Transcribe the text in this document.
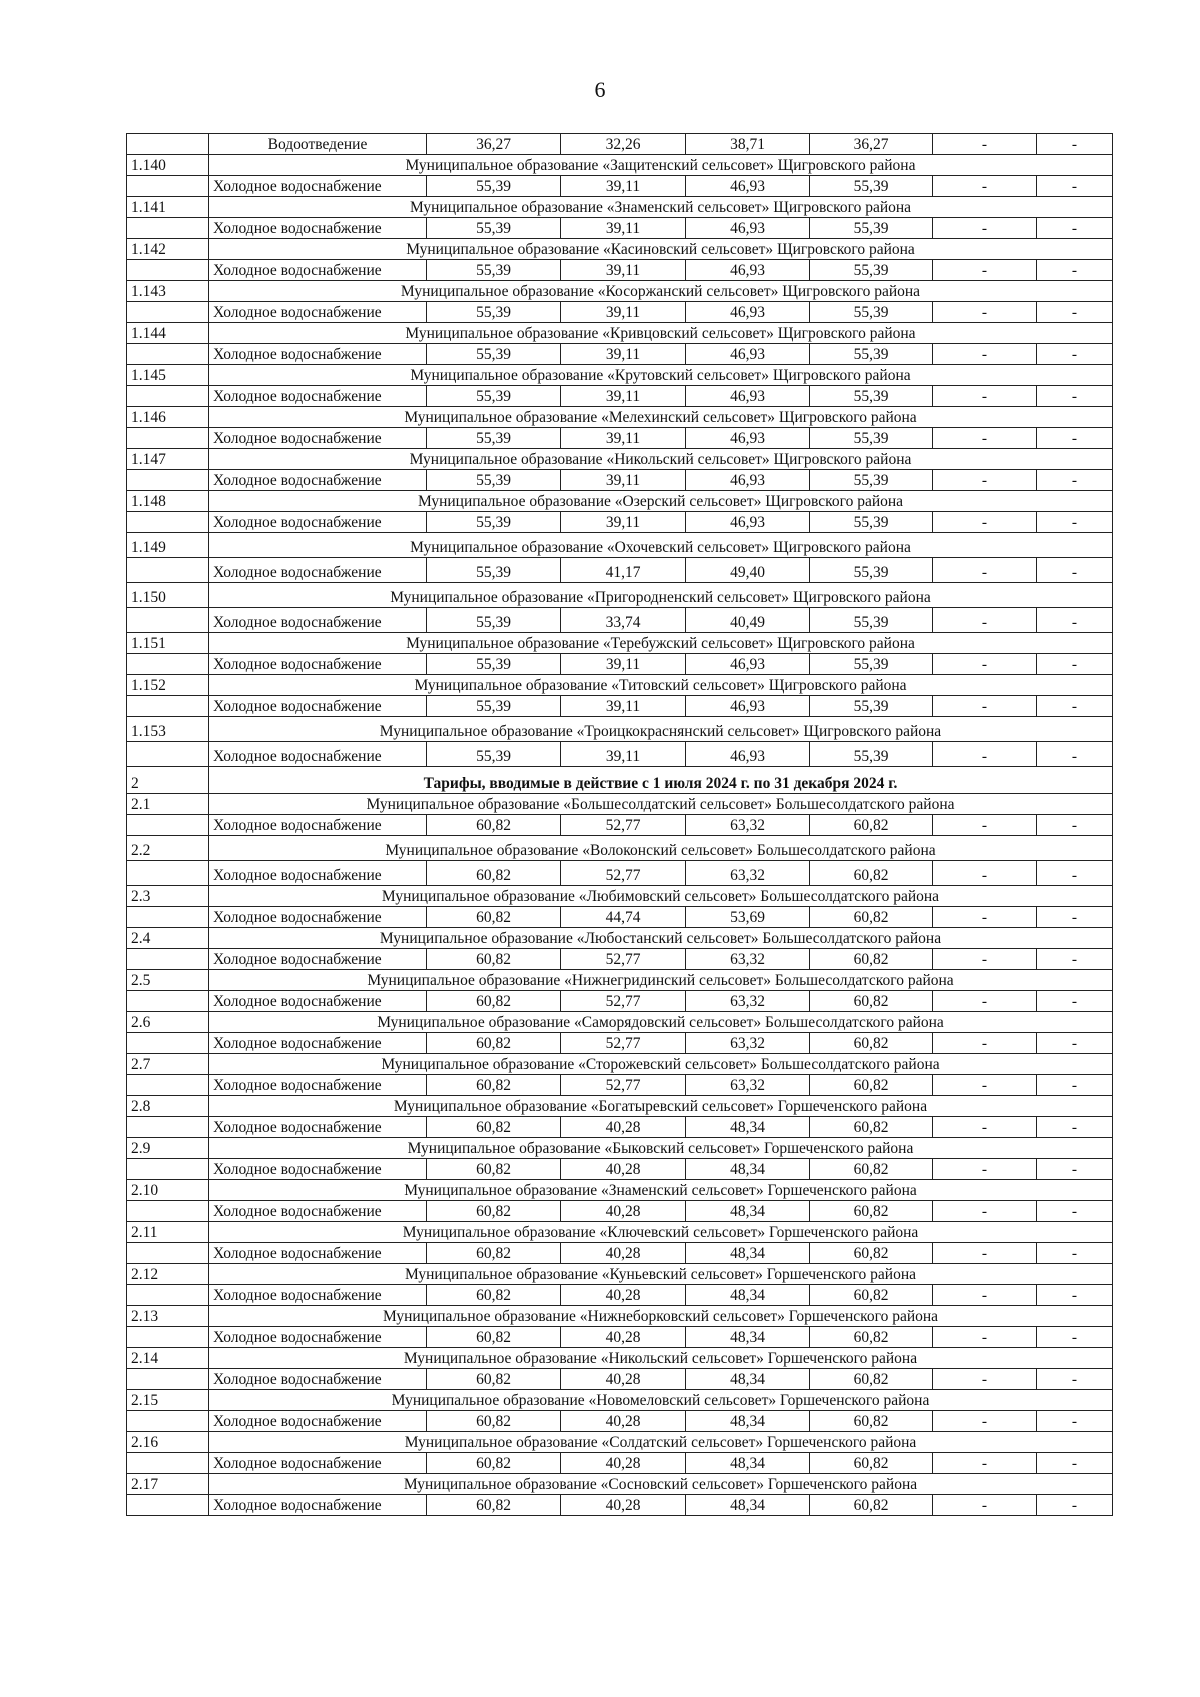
6
	Водоотведение	36,27	32,26	38,71	36,27	-	-
1.140	Муниципальное образование «Защитенский сельсовет» Щигровского района						
	Холодное водоснабжение	55,39	39,11	46,93	55,39	-	-
1.141	Муниципальное образование «Знаменский сельсовет» Щигровского района						
	Холодное водоснабжение	55,39	39,11	46,93	55,39	-	-
1.142	Муниципальное образование «Касиновский сельсовет» Щигровского района						
	Холодное водоснабжение	55,39	39,11	46,93	55,39	-	-
1.143	Муниципальное образование «Косоржанский сельсовет» Щигровского района						
	Холодное водоснабжение	55,39	39,11	46,93	55,39	-	-
1.144	Муниципальное образование «Кривцовский сельсовет» Щигровского района						
	Холодное водоснабжение	55,39	39,11	46,93	55,39	-	-
1.145	Муниципальное образование «Крутовский сельсовет» Щигровского района						
	Холодное водоснабжение	55,39	39,11	46,93	55,39	-	-
1.146	Муниципальное образование «Мелехинский сельсовет» Щигровского района						
	Холодное водоснабжение	55,39	39,11	46,93	55,39	-	-
1.147	Муниципальное образование «Никольский сельсовет» Щигровского района						
	Холодное водоснабжение	55,39	39,11	46,93	55,39	-	-
1.148	Муниципальное образование «Озерский сельсовет» Щигровского района						
	Холодное водоснабжение	55,39	39,11	46,93	55,39	-	-
1.149	Муниципальное образование «Охочевский сельсовет» Щигровского района						
	Холодное водоснабжение	55,39	41,17	49,40	55,39	-	-
1.150	Муниципальное образование «Пригородненский сельсовет» Щигровского района						
	Холодное водоснабжение	55,39	33,74	40,49	55,39	-	-
1.151	Муниципальное образование «Теребужский сельсовет» Щигровского района						
	Холодное водоснабжение	55,39	39,11	46,93	55,39	-	-
1.152	Муниципальное образование «Титовский сельсовет» Щигровского района						
	Холодное водоснабжение	55,39	39,11	46,93	55,39	-	-
1.153	Муниципальное образование «Троицкокраснянский сельсовет» Щигровского района						
	Холодное водоснабжение	55,39	39,11	46,93	55,39	-	-
2	Тарифы, вводимые в действие с 1 июля 2024 г. по 31 декабря 2024 г.						
2.1	Муниципальное образование «Большесолдатский сельсовет» Большесолдатского района						
	Холодное водоснабжение	60,82	52,77	63,32	60,82	-	-
2.2	Муниципальное образование «Волоконский сельсовет» Большесолдатского района						
	Холодное водоснабжение	60,82	52,77	63,32	60,82	-	-
2.3	Муниципальное образование «Любимовский сельсовет» Большесолдатского района						
	Холодное водоснабжение	60,82	44,74	53,69	60,82	-	-
2.4	Муниципальное образование «Любостанский сельсовет» Большесолдатского района						
	Холодное водоснабжение	60,82	52,77	63,32	60,82	-	-
2.5	Муниципальное образование «Нижнегридинский сельсовет» Большесолдатского района						
	Холодное водоснабжение	60,82	52,77	63,32	60,82	-	-
2.6	Муниципальное образование «Саморядовский сельсовет» Большесолдатского района						
	Холодное водоснабжение	60,82	52,77	63,32	60,82	-	-
2.7	Муниципальное образование «Сторожевский сельсовет» Большесолдатского района						
	Холодное водоснабжение	60,82	52,77	63,32	60,82	-	-
2.8	Муниципальное образование «Богатыревский сельсовет» Горшеченского района						
	Холодное водоснабжение	60,82	40,28	48,34	60,82	-	-
2.9	Муниципальное образование «Быковский сельсовет» Горшеченского района						
	Холодное водоснабжение	60,82	40,28	48,34	60,82	-	-
2.10	Муниципальное образование «Знаменский сельсовет» Горшеченского района						
	Холодное водоснабжение	60,82	40,28	48,34	60,82	-	-
2.11	Муниципальное образование «Ключевский сельсовет» Горшеченского района						
	Холодное водоснабжение	60,82	40,28	48,34	60,82	-	-
2.12	Муниципальное образование «Куньевский сельсовет» Горшеченского района						
	Холодное водоснабжение	60,82	40,28	48,34	60,82	-	-
2.13	Муниципальное образование «Нижнеборковский сельсовет» Горшеченского района						
	Холодное водоснабжение	60,82	40,28	48,34	60,82	-	-
2.14	Муниципальное образование «Никольский сельсовет» Горшеченского района						
	Холодное водоснабжение	60,82	40,28	48,34	60,82	-	-
2.15	Муниципальное образование «Новомеловский сельсовет» Горшеченского района						
	Холодное водоснабжение	60,82	40,28	48,34	60,82	-	-
2.16	Муниципальное образование «Солдатский сельсовет» Горшеченского района						
	Холодное водоснабжение	60,82	40,28	48,34	60,82	-	-
2.17	Муниципальное образование «Сосновский сельсовет» Горшеченского района						
	Холодное водоснабжение	60,82	40,28	48,34	60,82	-	-
